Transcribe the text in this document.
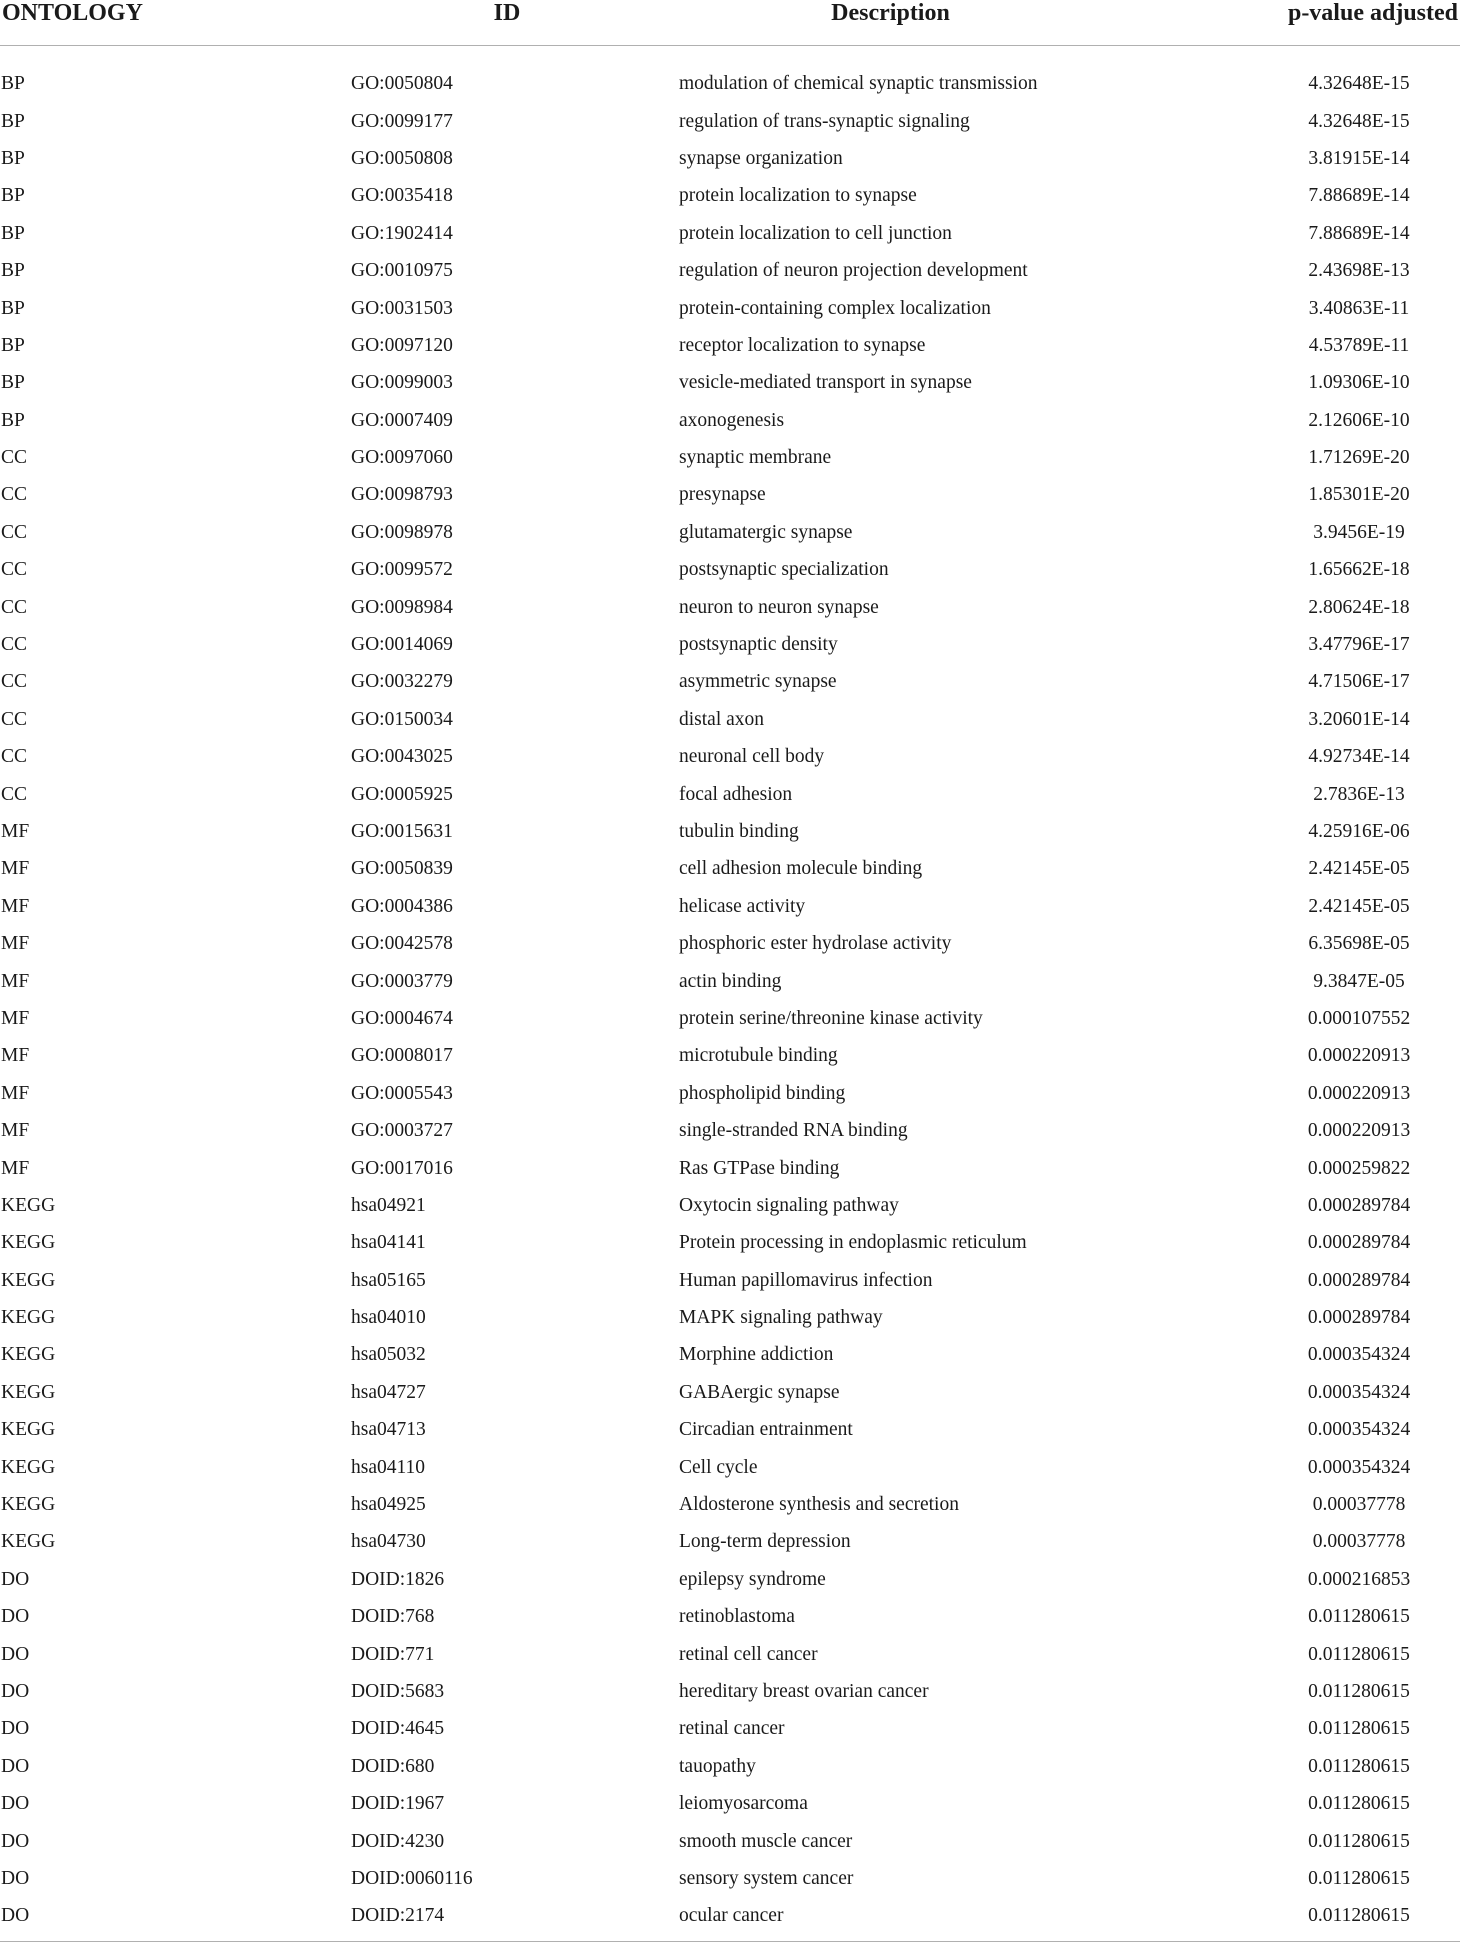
ONTOLOGY	ID	Description	p-value adjusted

BP	GO:0050804	modulation of chemical synaptic transmission	4.32648E-15
BP	GO:0099177	regulation of trans-synaptic signaling	4.32648E-15
BP	GO:0050808	synapse organization	3.81915E-14
BP	GO:0035418	protein localization to synapse	7.88689E-14
BP	GO:1902414	protein localization to cell junction	7.88689E-14
BP	GO:0010975	regulation of neuron projection development	2.43698E-13
BP	GO:0031503	protein-containing complex localization	3.40863E-11
BP	GO:0097120	receptor localization to synapse	4.53789E-11
BP	GO:0099003	vesicle-mediated transport in synapse	1.09306E-10
BP	GO:0007409	axonogenesis	2.12606E-10
CC	GO:0097060	synaptic membrane	1.71269E-20
CC	GO:0098793	presynapse	1.85301E-20
CC	GO:0098978	glutamatergic synapse	3.9456E-19
CC	GO:0099572	postsynaptic specialization	1.65662E-18
CC	GO:0098984	neuron to neuron synapse	2.80624E-18
CC	GO:0014069	postsynaptic density	3.47796E-17
CC	GO:0032279	asymmetric synapse	4.71506E-17
CC	GO:0150034	distal axon	3.20601E-14
CC	GO:0043025	neuronal cell body	4.92734E-14
CC	GO:0005925	focal adhesion	2.7836E-13
MF	GO:0015631	tubulin binding	4.25916E-06
MF	GO:0050839	cell adhesion molecule binding	2.42145E-05
MF	GO:0004386	helicase activity	2.42145E-05
MF	GO:0042578	phosphoric ester hydrolase activity	6.35698E-05
MF	GO:0003779	actin binding	9.3847E-05
MF	GO:0004674	protein serine/threonine kinase activity	0.000107552
MF	GO:0008017	microtubule binding	0.000220913
MF	GO:0005543	phospholipid binding	0.000220913
MF	GO:0003727	single-stranded RNA binding	0.000220913
MF	GO:0017016	Ras GTPase binding	0.000259822
KEGG	hsa04921	Oxytocin signaling pathway	0.000289784
KEGG	hsa04141	Protein processing in endoplasmic reticulum	0.000289784
KEGG	hsa05165	Human papillomavirus infection	0.000289784
KEGG	hsa04010	MAPK signaling pathway	0.000289784
KEGG	hsa05032	Morphine addiction	0.000354324
KEGG	hsa04727	GABAergic synapse	0.000354324
KEGG	hsa04713	Circadian entrainment	0.000354324
KEGG	hsa04110	Cell cycle	0.000354324
KEGG	hsa04925	Aldosterone synthesis and secretion	0.00037778
KEGG	hsa04730	Long-term depression	0.00037778
DO	DOID:1826	epilepsy syndrome	0.000216853
DO	DOID:768	retinoblastoma	0.011280615
DO	DOID:771	retinal cell cancer	0.011280615
DO	DOID:5683	hereditary breast ovarian cancer	0.011280615
DO	DOID:4645	retinal cancer	0.011280615
DO	DOID:680	tauopathy	0.011280615
DO	DOID:1967	leiomyosarcoma	0.011280615
DO	DOID:4230	smooth muscle cancer	0.011280615
DO	DOID:0060116	sensory system cancer	0.011280615
DO	DOID:2174	ocular cancer	0.011280615
